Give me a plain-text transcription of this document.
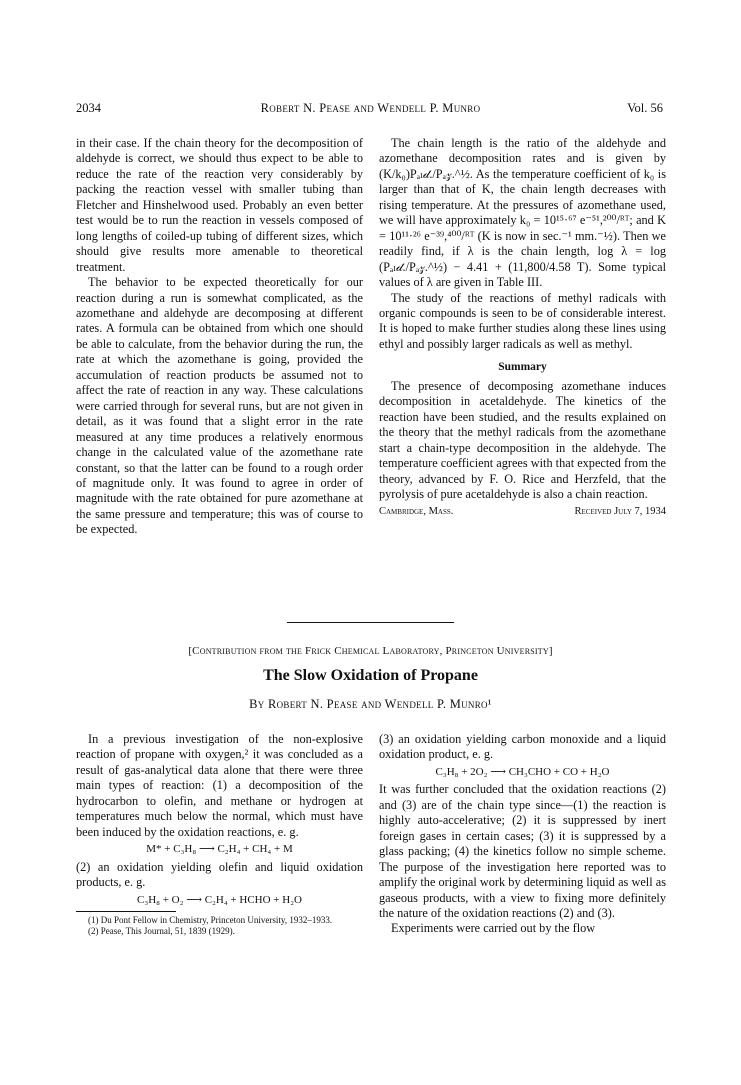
2034	Robert N. Pease and Wendell P. Munro	Vol. 56

in their case. If the chain theory for the decomposition of aldehyde is correct, we should thus expect to be able to reduce the rate of the reaction very considerably by packing the reaction vessel with smaller tubing than Fletcher and Hinshelwood used. Probably an even better test would be to run the reaction in vessels composed of long lengths of coiled-up tubing of different sizes, which should give results more amenable to theoretical treatment.

The behavior to be expected theoretically for our reaction during a run is somewhat complicated, as the azomethane and aldehyde are decomposing at different rates. A formula can be obtained from which one should be able to calculate, from the behavior during the run, the rate at which the azomethane is going, provided the accumulation of reaction products be assumed not to affect the rate of reaction in any way. These calculations were carried through for several runs, but are not given in detail, as it was found that a slight error in the rate measured at any time produces a relatively enormous change in the calculated value of the azomethane rate constant, so that the latter can be found to a rough order of magnitude only. It was found to agree in order of magnitude with the rate obtained for pure azomethane at the same pressure and temperature; this was of course to be expected.

The chain length is the ratio of the aldehyde and azomethane decomposition rates and is given by (K/k₀)Pₐₗ𝒹./Pₐ𝓏.^½. As the temperature coefficient of k₀ is larger than that of K, the chain length decreases with rising temperature. At the pressures of azomethane used, we will have approximately k₀ = 10¹⁵·⁶⁷ e⁻⁵¹,²⁰⁰/ᴿᵀ; and K = 10¹¹·²⁶ e⁻³⁹,⁴⁰⁰/ᴿᵀ (K is now in sec.⁻¹ mm.⁻½). Then we readily find, if λ is the chain length, log λ = log (Pₐₗ𝒹./Pₐ𝓏.^½) − 4.41 + (11,800/4.58 T). Some typical values of λ are given in Table III.

The study of the reactions of methyl radicals with organic compounds is seen to be of considerable interest. It is hoped to make further studies along these lines using ethyl and possibly larger radicals as well as methyl.

Summary

The presence of decomposing azomethane induces decomposition in acetaldehyde. The kinetics of the reaction have been studied, and the results explained on the theory that the methyl radicals from the azomethane start a chain-type decomposition in the aldehyde. The temperature coefficient agrees with that expected from the theory, advanced by F. O. Rice and Herzfeld, that the pyrolysis of pure acetaldehyde is also a chain reaction.

Cambridge, Mass.	Received July 7, 1934
[Contribution from the Frick Chemical Laboratory, Princeton University]
The Slow Oxidation of Propane
By Robert N. Pease and Wendell P. Munro¹

In a previous investigation of the non-explosive reaction of propane with oxygen,² it was concluded as a result of gas-analytical data alone that there were three main types of reaction: (1) a decomposition of the hydrocarbon to olefin, and methane or hydrogen at temperatures much below the normal, which must have been induced by the oxidation reactions, e. g.

M* + C₃H₈ ⟶ C₂H₄ + CH₄ + M

(2) an oxidation yielding olefin and liquid oxidation products, e. g.

C₃H₈ + O₂ ⟶ C₂H₄ + HCHO + H₂O

(1) Du Pont Fellow in Chemistry, Princeton University, 1932–1933.

(2) Pease, This Journal, 51, 1839 (1929).

(3) an oxidation yielding carbon monoxide and a liquid oxidation product, e. g.

C₃H₈ + 2O₂ ⟶ CH₃CHO + CO + H₂O

It was further concluded that the oxidation reactions (2) and (3) are of the chain type since—(1) the reaction is highly auto-accelerative; (2) it is suppressed by inert foreign gases in certain cases; (3) it is suppressed by a glass packing; (4) the kinetics follow no simple scheme. The purpose of the investigation here reported was to amplify the original work by determining liquid as well as gaseous products, with a view to fixing more definitely the nature of the oxidation reactions (2) and (3).

Experiments were carried out by the flow
